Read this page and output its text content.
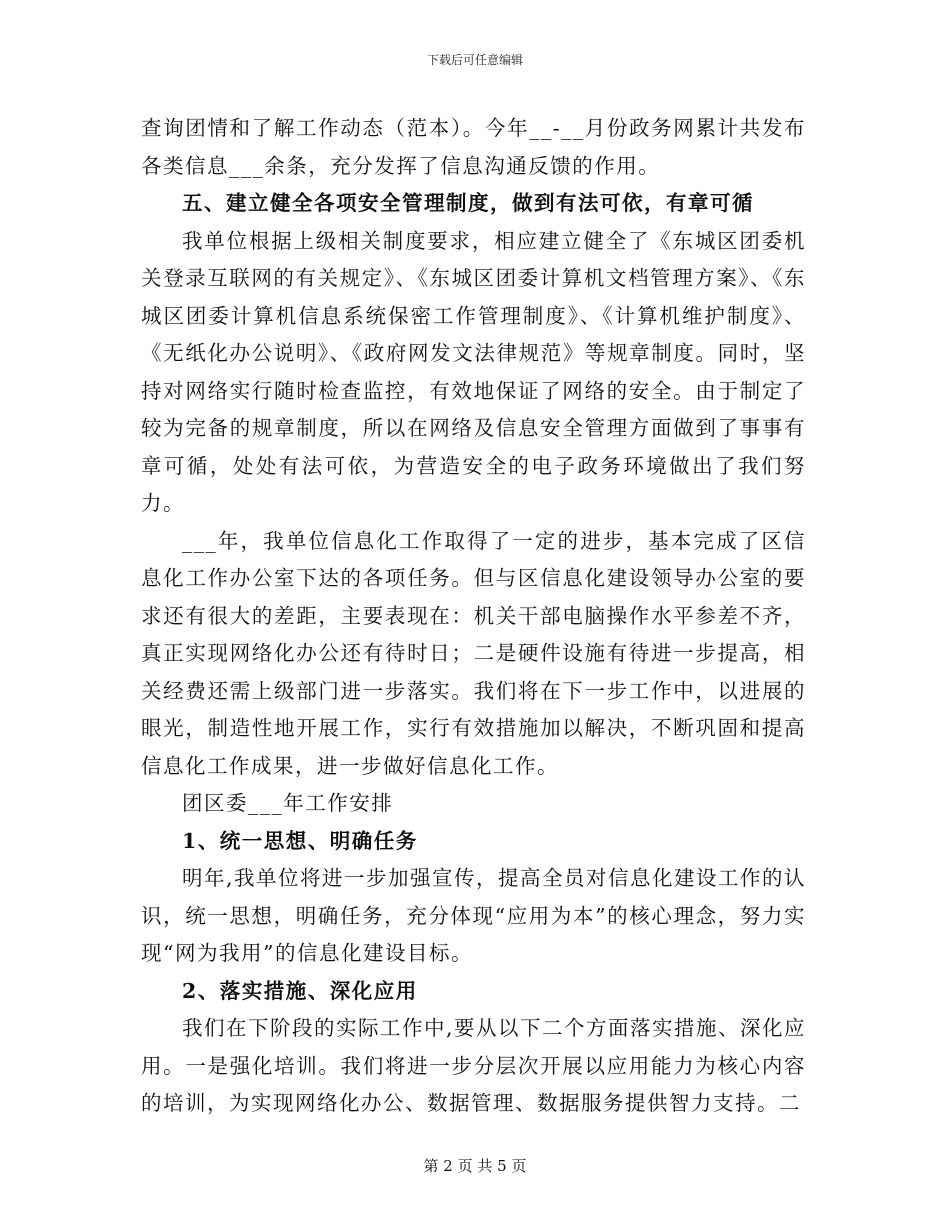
下载后可任意编辑

查询团情和了解工作动态（范本）。今年__-__月份政务网累计共发布各类信息___余条，充分发挥了信息沟通反馈的作用。

五、建立健全各项安全管理制度，做到有法可依，有章可循

我单位根据上级相关制度要求，相应建立健全了《东城区团委机关登录互联网的有关规定》、《东城区团委计算机文档管理方案》、《东城区团委计算机信息系统保密工作管理制度》、《计算机维护制度》、《无纸化办公说明》、《政府网发文法律规范》等规章制度。同时，坚持对网络实行随时检查监控，有效地保证了网络的安全。由于制定了较为完备的规章制度，所以在网络及信息安全管理方面做到了事事有章可循，处处有法可依，为营造安全的电子政务环境做出了我们努力。

___年，我单位信息化工作取得了一定的进步，基本完成了区信息化工作办公室下达的各项任务。但与区信息化建设领导办公室的要求还有很大的差距，主要表现在：机关干部电脑操作水平参差不齐，真正实现网络化办公还有待时日；二是硬件设施有待进一步提高，相关经费还需上级部门进一步落实。我们将在下一步工作中，以进展的眼光，制造性地开展工作，实行有效措施加以解决，不断巩固和提高信息化工作成果，进一步做好信息化工作。

团区委___年工作安排

1、统一思想、明确任务

明年,我单位将进一步加强宣传，提高全员对信息化建设工作的认识，统一思想，明确任务，充分体现“应用为本”的核心理念，努力实现“网为我用”的信息化建设目标。

2、落实措施、深化应用

我们在下阶段的实际工作中,要从以下二个方面落实措施、深化应用。一是强化培训。我们将进一步分层次开展以应用能力为核心内容的培训，为实现网络化办公、数据管理、数据服务提供智力支持。二

第 2 页 共 5 页
